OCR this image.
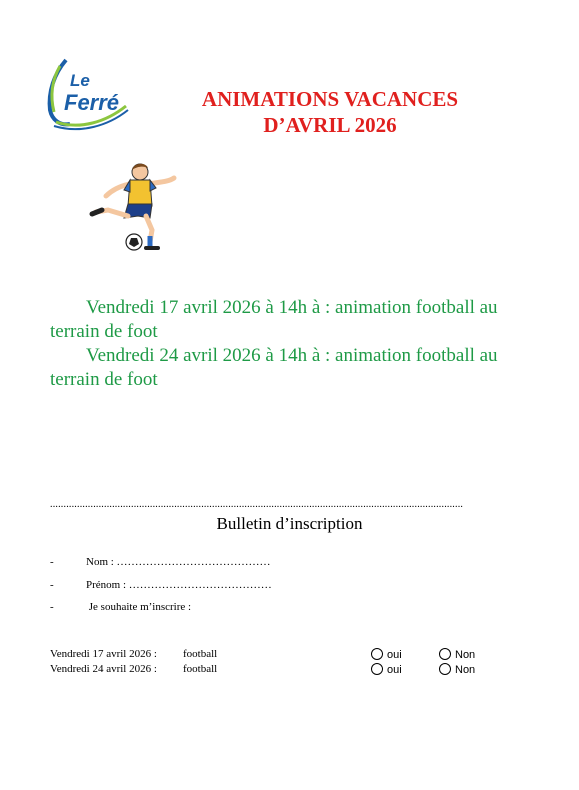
Le
Ferré	ANIMATIONS VACANCES
D’AVRIL 2026

Vendredi 17 avril 2026 à 14h à : animation football au terrain de foot

Vendredi 24 avril 2026 à 14h à : animation football au terrain de foot

.........................................................................................................................................................
Bulletin d’inscription
-	Nom : ……………………………………
-	Prénom : …………………………………
-	Je souhaite m’inscrire :
Vendredi 17 avril 2026 : football	oui	Non
Vendredi 24 avril 2026 : football	oui	Non
